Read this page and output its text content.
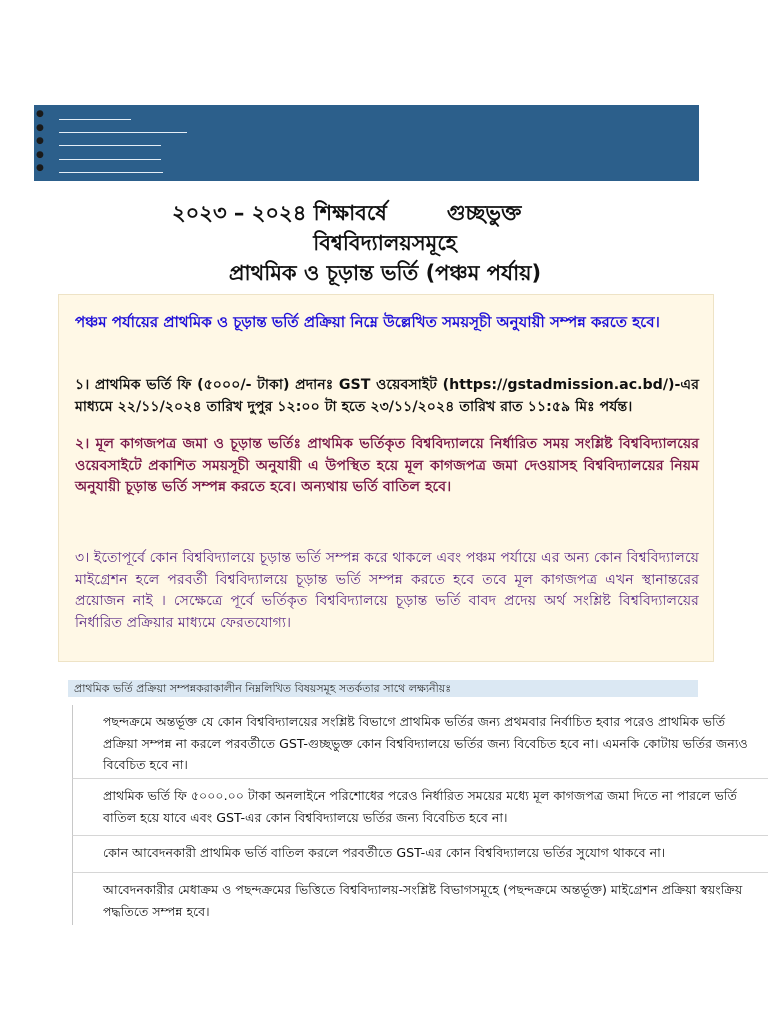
●
●
●
●
●
২০২৩ – ২০২৪ শিক্ষাবর্ষে	গুচ্ছভুক্ত
বিশ্ববিদ্যালয়সমূহে
প্রাথমিক ও চূড়ান্ত ভর্তি (পঞ্চম পর্যায়)
পঞ্চম পর্যায়ের প্রাথমিক ও চূড়ান্ত ভর্তি প্রক্রিয়া নিম্নে উল্লেখিত সময়সূচী অনুযায়ী সম্পন্ন করতে হবে।
১। প্রাথমিক ভর্তি ফি (৫০০০/- টাকা) প্রদানঃ GST ওয়েবসাইট (https://gstadmission.ac.bd/)-এর মাধ্যমে ২২/১১/২০২৪ তারিখ দুপুর ১২:০০ টা হতে ২৩/১১/২০২৪ তারিখ রাত ১১:৫৯ মিঃ পর্যন্ত।
২। মূল কাগজপত্র জমা ও চূড়ান্ত ভর্তিঃ প্রাথমিক ভর্তিকৃত বিশ্ববিদ্যালয়ে নির্ধারিত সময় সংশ্লিষ্ট বিশ্ববিদ্যালয়ের ওয়েবসাইটে প্রকাশিত সময়সূচী অনুযায়ী এ উপস্থিত হয়ে মূল কাগজপত্র জমা দেওয়াসহ বিশ্ববিদ্যালয়ের নিয়ম অনুযায়ী চূড়ান্ত ভর্তি সম্পন্ন করতে হবে। অন্যথায় ভর্তি বাতিল হবে।
৩। ইতোপূর্বে কোন বিশ্ববিদ্যালয়ে চূড়ান্ত ভর্তি সম্পন্ন করে থাকলে এবং পঞ্চম পর্যায়ে এর অন্য কোন বিশ্ববিদ্যালয়ে মাইগ্রেশন হলে পরবর্তী বিশ্ববিদ্যালয়ে চূড়ান্ত ভর্তি সম্পন্ন করতে হবে তবে মূল কাগজপত্র এখন স্থানান্তরের প্রয়োজন নাই । সেক্ষেত্রে পূর্বে ভর্তিকৃত বিশ্ববিদ্যালয়ে চূড়ান্ত ভর্তি বাবদ প্রদেয় অর্থ সংশ্লিষ্ট বিশ্ববিদ্যালয়ের নির্ধারিত প্রক্রিয়ার মাধ্যমে ফেরতযোগ্য।
প্রাথমিক ভর্তি প্রক্রিয়া সম্পন্নকরাকালীন নিম্নলিখিত বিষয়সমূহ সতর্কতার সাথে লক্ষ্যনীয়ঃ
পছন্দক্রমে অন্তর্ভূক্ত যে কোন বিশ্ববিদ্যালয়ের সংশ্লিষ্ট বিভাগে প্রাথমিক ভর্তির জন্য প্রথমবার নির্বাচিত হবার পরেও প্রাথমিক ভর্তি প্রক্রিয়া সম্পন্ন না করলে পরবর্তীতে GST-গুচ্ছভুক্ত কোন বিশ্ববিদ্যালয়ে ভর্তির জন্য বিবেচিত হবে না। এমনকি কোটায় ভর্তির জন্যও বিবেচিত হবে না।
প্রাথমিক ভর্তি ফি ৫০০০.০০ টাকা অনলাইনে পরিশোধের পরেও নির্ধারিত সময়ের মধ্যে মূল কাগজপত্র জমা দিতে না পারলে ভর্তি বাতিল হয়ে যাবে এবং GST-এর কোন বিশ্ববিদ্যালয়ে ভর্তির জন্য বিবেচিত হবে না।
কোন আবেদনকারী প্রাথমিক ভর্তি বাতিল করলে পরবর্তীতে GST-এর কোন বিশ্ববিদ্যালয়ে ভর্তির সুযোগ থাকবে না।
আবেদনকারীর মেধাক্রম ও পছন্দক্রমের ভিত্তিতে বিশ্ববিদ্যালয়-সংশ্লিষ্ট বিভাগসমূহে (পছন্দক্রমে অন্তর্ভূক্ত) মাইগ্রেশন প্রক্রিয়া স্বয়ংক্রিয় পদ্ধতিতে সম্পন্ন হবে।
